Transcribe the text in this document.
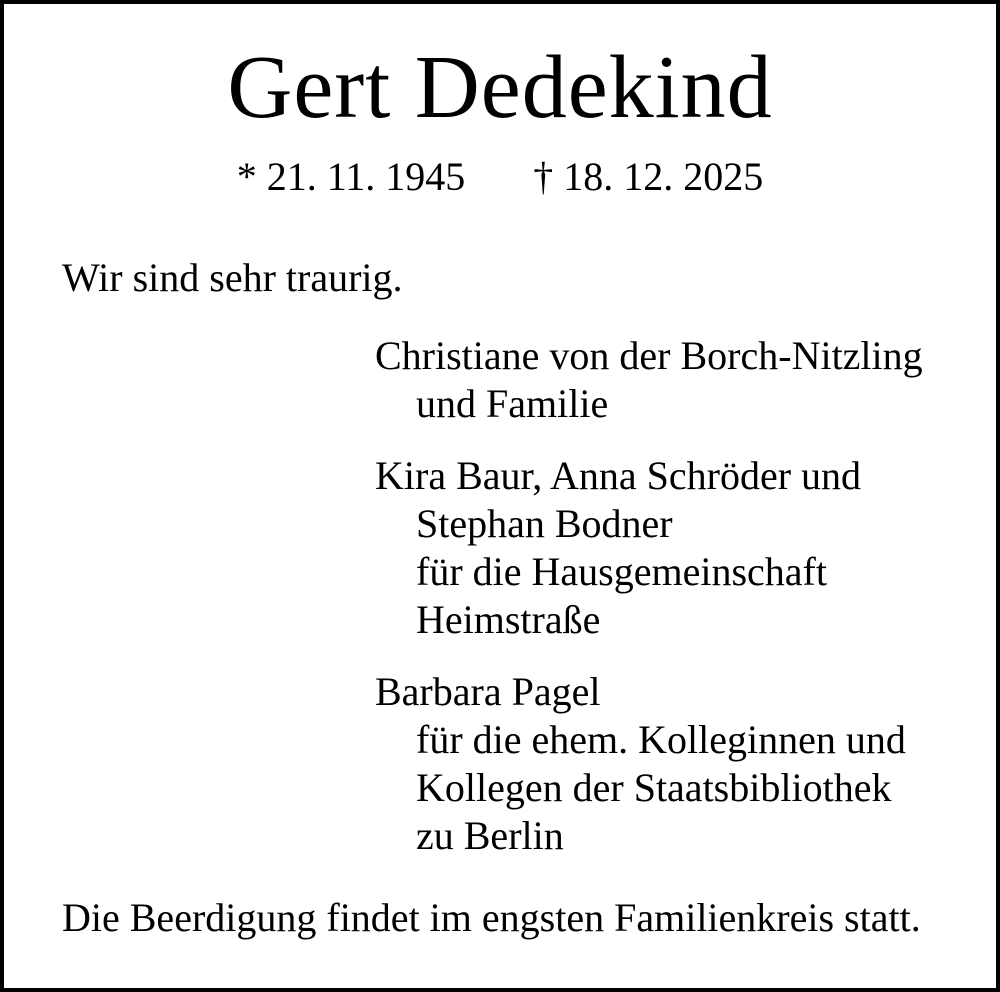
Gert Dedekind
* 21. 11. 1945 † 18. 12. 2025

Wir sind sehr traurig.

Christiane von der Borch-Nitzling
und Familie
Kira Baur, Anna Schröder und
Stephan Bodner
für die Hausgemeinschaft
Heimstraße
Barbara Pagel
für die ehem. Kolleginnen und
Kollegen der Staatsbibliothek
zu Berlin

Die Beerdigung findet im engsten Familienkreis statt.
